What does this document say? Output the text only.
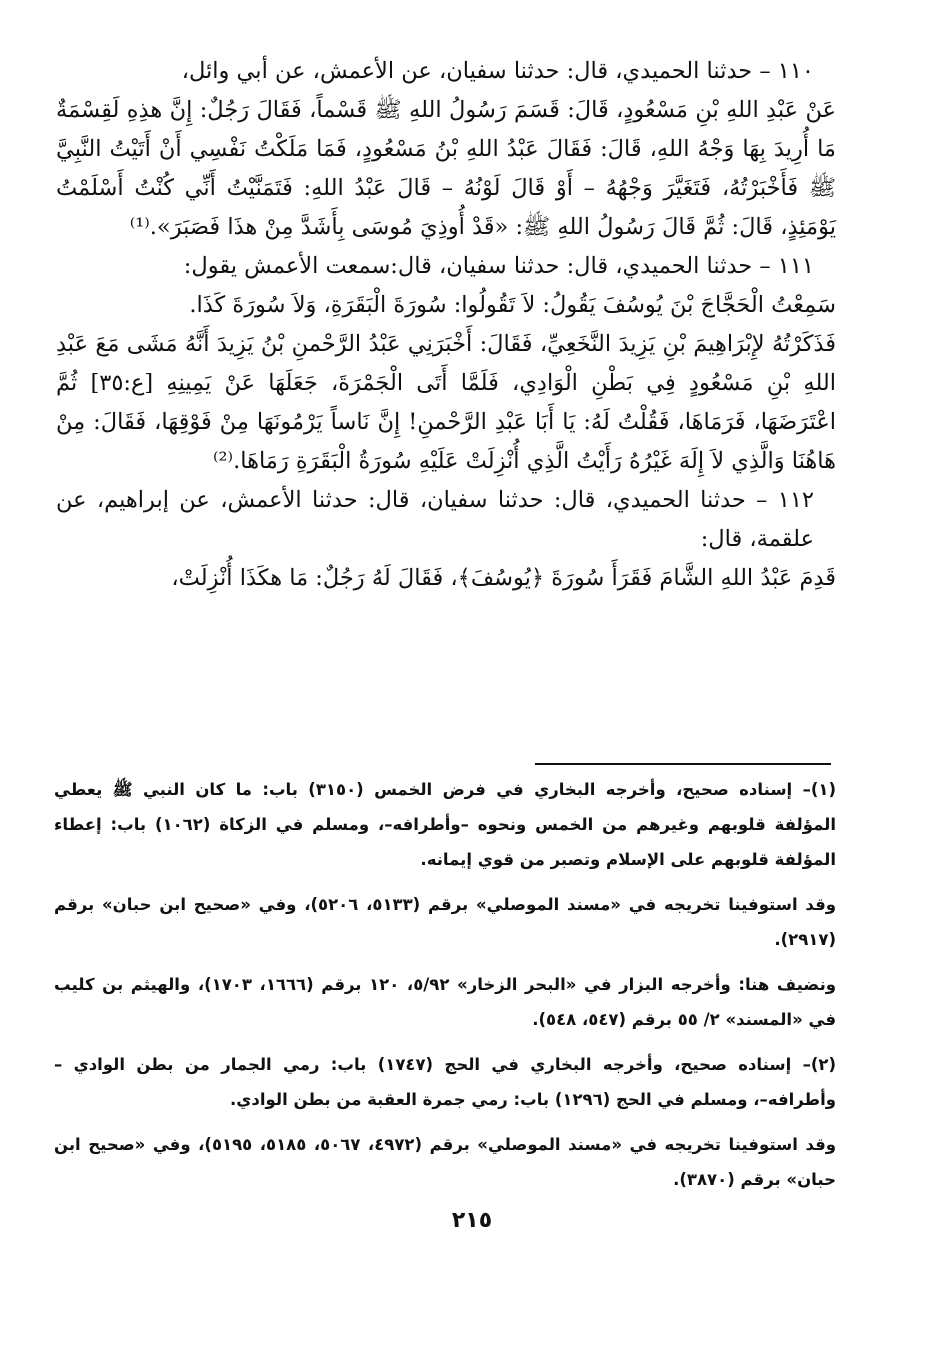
١١٠ – حدثنا الحميدي، قال: حدثنا سفيان، عن الأعمش، عن أبي وائل،

عَنْ عَبْدِ اللهِ بْنِ مَسْعُودٍ، قَالَ: قَسَمَ رَسُولُ اللهِ ﷺ قَسْماً، فَقَالَ رَجُلٌ: إِنَّ هذِهِ لَقِسْمَةٌ مَا أُرِيدَ بِهَا وَجْهُ اللهِ، قَالَ: فَقَالَ عَبْدُ اللهِ بْنُ مَسْعُودٍ، فَمَا مَلَكْتُ نَفْسِي أَنْ أَتَيْتُ النَّبِيَّ ﷺ فَأَخْبَرْتُهُ، فَتَغَيَّرَ وَجْهُهُ – أَوْ قَالَ لَوْنُهُ – قَالَ عَبْدُ اللهِ: فَتَمَنَّيْتُ أَنِّي كُنْتُ أَسْلَمْتُ يَوْمَئِذٍ، قَالَ: ثُمَّ قَالَ رَسُولُ اللهِ ﷺ: «قَدْ أُوذِيَ مُوسَى بِأَشَدَّ مِنْ هذَا فَصَبَرَ».⁽¹⁾

١١١ – حدثنا الحميدي، قال: حدثنا سفيان، قال:سمعت الأعمش يقول:

سَمِعْتُ الْحَجَّاجَ بْنَ يُوسُفَ يَقُولُ: لاَ تَقُولُوا: سُورَةَ الْبَقَرَةِ، وَلاَ سُورَةَ كَذَا.

فَذَكَرْتُهُ لإِبْرَاهِيمَ بْنِ يَزِيدَ النَّخَعِيِّ، فَقَالَ: أَخْبَرَنِي عَبْدُ الرَّحْمنِ بْنُ يَزِيدَ أَنَّهُ مَشَى مَعَ عَبْدِ اللهِ بْنِ مَسْعُودٍ فِي بَطْنِ الْوَادِي، فَلَمَّا أَتَى الْجَمْرَةَ، جَعَلَهَا عَنْ يَمِينِهِ [ع:٣٥] ثُمَّ اعْتَرَضَهَا، فَرَمَاهَا، فَقُلْتُ لَهُ: يَا أَبَا عَبْدِ الرَّحْمنِ! إِنَّ نَاساً يَرْمُونَهَا مِنْ فَوْقِهَا، فَقَالَ: مِنْ هَاهُنَا وَالَّذِي لاَ إِلَهَ غَيْرُهُ رَأَيْتُ الَّذِي أُنْزِلَتْ عَلَيْهِ سُورَةُ الْبَقَرَةِ رَمَاهَا.⁽²⁾

١١٢ – حدثنا الحميدي، قال: حدثنا سفيان، قال: حدثنا الأعمش، عن إبراهيم، عن علقمة، قال:

قَدِمَ عَبْدُ اللهِ الشَّامَ فَقَرَأَ سُورَةَ ﴿يُوسُفَ﴾، فَقَالَ لَهُ رَجُلٌ: مَا هكَذَا أُنْزِلَتْ،

(١)– إسناده صحيح، وأخرجه البخاري في فرض الخمس (٣١٥٠) باب: ما كان النبي ﷺ يعطي المؤلفة قلوبهم وغيرهم من الخمس ونحوه –وأطرافه–، ومسلم في الزكاة (١٠٦٢) باب: إعطاء المؤلفة قلوبهم على الإسلام وتصبر من قوي إيمانه.

وقد استوفينا تخريجه في «مسند الموصلي» برقم (٥١٣٣، ٥٢٠٦)، وفي «صحيح ابن حبان» برقم (٢٩١٧).

ونضيف هنا: وأخرجه البزار في «البحر الزخار» ٥/٩٢، ١٢٠ برقم (١٦٦٦، ١٧٠٣)، والهيثم بن كليب في «المسند» ٢/ ٥٥ برقم (٥٤٧، ٥٤٨).

(٢)– إسناده صحيح، وأخرجه البخاري في الحج (١٧٤٧) باب: رمي الجمار من بطن الوادي – وأطرافه–، ومسلم في الحج (١٢٩٦) باب: رمي جمرة العقبة من بطن الوادي.

وقد استوفينا تخريجه في «مسند الموصلي» برقم (٤٩٧٢، ٥٠٦٧، ٥١٨٥، ٥١٩٥)، وفي «صحيح ابن حبان» برقم (٣٨٧٠).

٢١٥
